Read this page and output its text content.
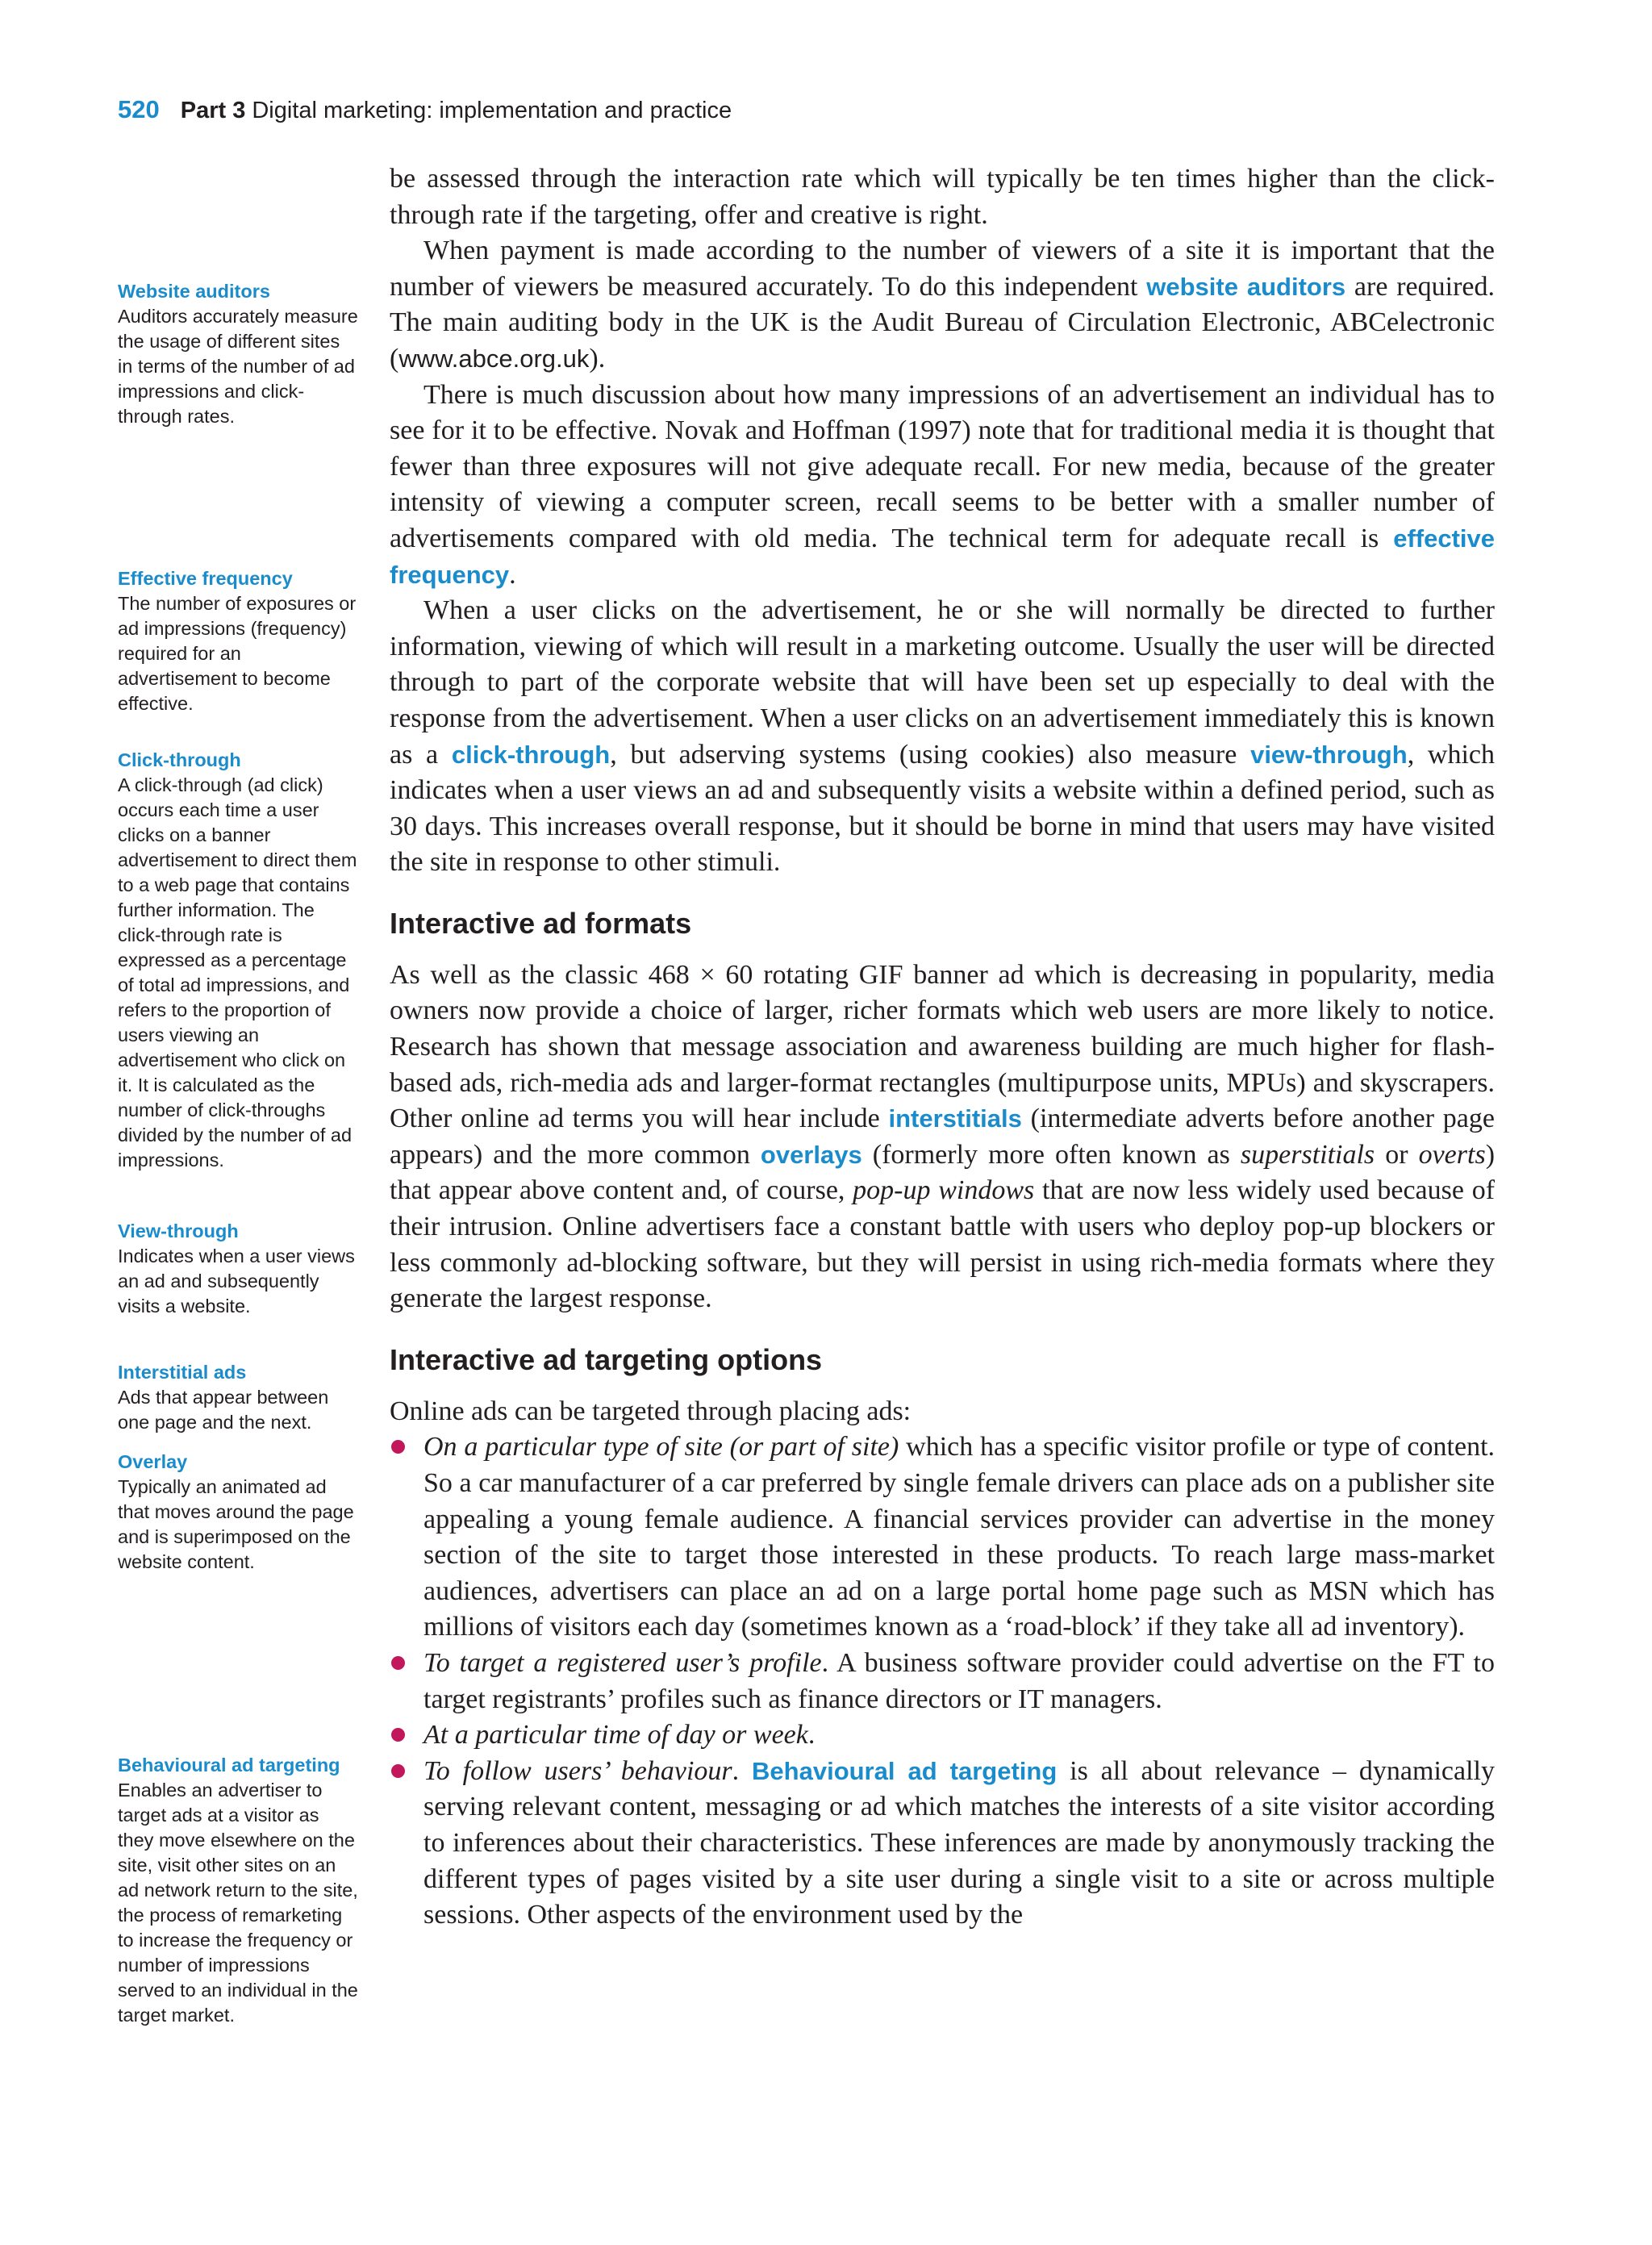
520 Part 3 Digital marketing: implementation and practice
Website auditors
Auditors accurately measure the usage of different sites in terms of the number of ad impressions and click-through rates.
Effective frequency
The number of exposures or ad impressions (frequency) required for an advertisement to become effective.
Click-through
A click-through (ad click) occurs each time a user clicks on a banner advertisement to direct them to a web page that contains further information. The click-through rate is expressed as a percentage of total ad impressions, and refers to the proportion of users viewing an advertisement who click on it. It is calculated as the number of click-throughs divided by the number of ad impressions.
View-through
Indicates when a user views an ad and subsequently visits a website.
Interstitial ads
Ads that appear between one page and the next.
Overlay
Typically an animated ad that moves around the page and is superimposed on the website content.
Behavioural ad targeting
Enables an advertiser to target ads at a visitor as they move elsewhere on the site, visit other sites on an ad network return to the site, the process of remarketing to increase the frequency or number of impressions served to an individual in the target market.

be assessed through the interaction rate which will typically be ten times higher than the click-through rate if the targeting, offer and creative is right.

When payment is made according to the number of viewers of a site it is important that the number of viewers be measured accurately. To do this independent website auditors are required. The main auditing body in the UK is the Audit Bureau of Circulation Electronic, ABCelectronic (www.abce.org.uk).

There is much discussion about how many impressions of an advertisement an individual has to see for it to be effective. Novak and Hoffman (1997) note that for traditional media it is thought that fewer than three exposures will not give adequate recall. For new media, because of the greater intensity of viewing a computer screen, recall seems to be better with a smaller number of advertisements compared with old media. The technical term for adequate recall is effective frequency.

When a user clicks on the advertisement, he or she will normally be directed to further information, viewing of which will result in a marketing outcome. Usually the user will be directed through to part of the corporate website that will have been set up especially to deal with the response from the advertisement. When a user clicks on an advertisement immediately this is known as a click-through, but adserving systems (using cookies) also measure view-through, which indicates when a user views an ad and subsequently visits a website within a defined period, such as 30 days. This increases overall response, but it should be borne in mind that users may have visited the site in response to other stimuli.

Interactive ad formats

As well as the classic 468 × 60 rotating GIF banner ad which is decreasing in popularity, media owners now provide a choice of larger, richer formats which web users are more likely to notice. Research has shown that message association and awareness building are much higher for flash-based ads, rich-media ads and larger-format rectangles (multipurpose units, MPUs) and skyscrapers. Other online ad terms you will hear include interstitials (intermediate adverts before another page appears) and the more common overlays (formerly more often known as superstitials or overts) that appear above content and, of course, pop-up windows that are now less widely used because of their intrusion. Online advertisers face a constant battle with users who deploy pop-up blockers or less commonly ad-blocking software, but they will persist in using rich-media formats where they generate the largest response.

Interactive ad targeting options

Online ads can be targeted through placing ads:

On a particular type of site (or part of site) which has a specific visitor profile or type of content. So a car manufacturer of a car preferred by single female drivers can place ads on a publisher site appealing a young female audience. A financial services provider can advertise in the money section of the site to target those interested in these products. To reach large mass-market audiences, advertisers can place an ad on a large portal home page such as MSN which has millions of visitors each day (sometimes known as a ‘road-block’ if they take all ad inventory).
To target a registered user’s profile. A business software provider could advertise on the FT to target registrants’ profiles such as finance directors or IT managers.
At a particular time of day or week.
To follow users’ behaviour. Behavioural ad targeting is all about relevance – dynamically serving relevant content, messaging or ad which matches the interests of a site visitor according to inferences about their characteristics. These inferences are made by anonymously tracking the different types of pages visited by a site user during a single visit to a site or across multiple sessions. Other aspects of the environment used by the
